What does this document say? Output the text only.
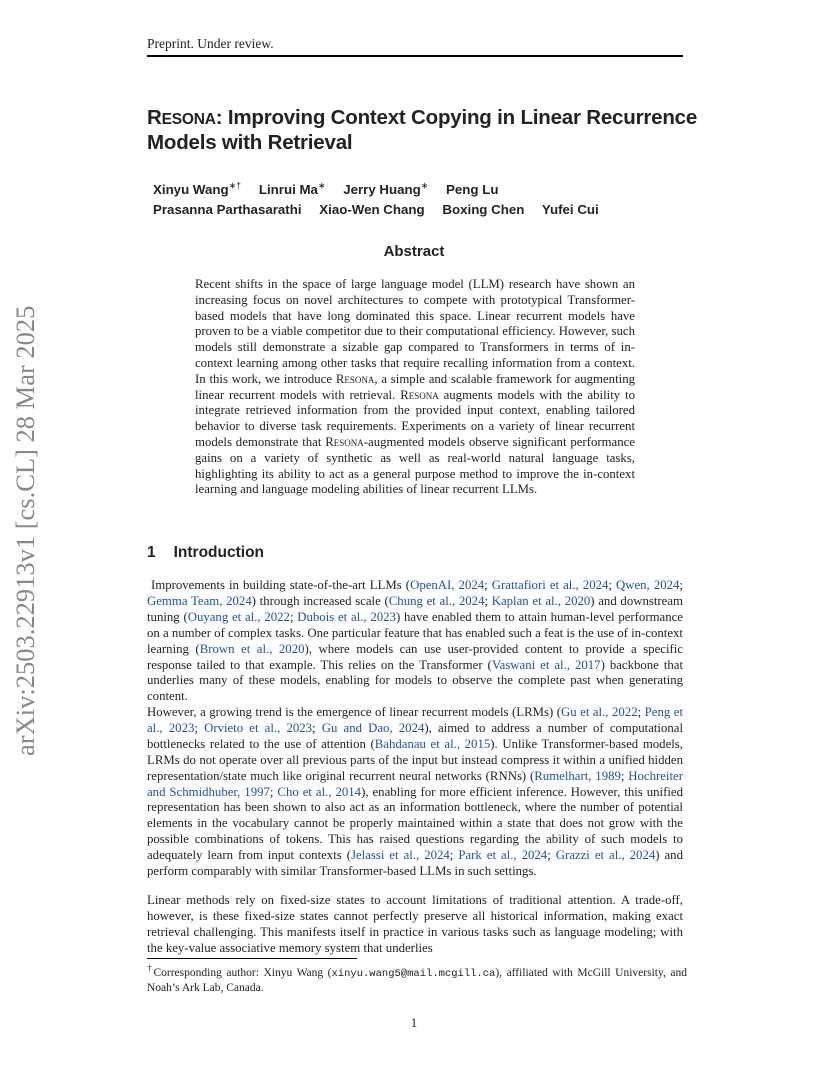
Preprint. Under review.
RESONA: Improving Context Copying in Linear Recurrence
Models with Retrieval
Xinyu Wang∗† Linrui Ma∗ Jerry Huang∗ Peng Lu
Prasanna Parthasarathi Xiao-Wen Chang Boxing Chen Yufei Cui
Abstract
Recent shifts in the space of large language model (LLM) research have shown an increasing focus on novel architectures to compete with prototypical Transformer-based models that have long dominated this space. Linear recurrent models have proven to be a viable competitor due to their computational efficiency. However, such models still demonstrate a sizable gap compared to Transformers in terms of in-context learning among other tasks that require recalling information from a context. In this work, we introduce Resona, a simple and scalable framework for augmenting linear recurrent models with retrieval. Resona augments models with the ability to integrate retrieved information from the provided input context, enabling tailored behavior to diverse task requirements. Experiments on a variety of linear recurrent models demonstrate that Resona-augmented models observe significant performance gains on a variety of synthetic as well as real-world natural language tasks, highlighting its ability to act as a general purpose method to improve the in-context learning and language modeling abilities of linear recurrent LLMs.
arXiv:2503.22913v1 [cs.CL] 28 Mar 2025	1 Introduction
Improvements in building state-of-the-art LLMs (OpenAI, 2024; Grattafiori et al., 2024; Qwen, 2024; Gemma Team, 2024) through increased scale (Chung et al., 2024; Kaplan et al., 2020) and downstream tuning (Ouyang et al., 2022; Dubois et al., 2023) have enabled them to attain human-level performance on a number of complex tasks. One particular feature that has enabled such a feat is the use of in-context learning (Brown et al., 2020), where models can use user-provided content to provide a specific response tailed to that example. This relies on the Transformer (Vaswani et al., 2017) backbone that underlies many of these models, enabling for models to observe the complete past when generating content.
However, a growing trend is the emergence of linear recurrent models (LRMs) (Gu et al., 2022; Peng et al., 2023; Orvieto et al., 2023; Gu and Dao, 2024), aimed to address a number of computational bottlenecks related to the use of attention (Bahdanau et al., 2015). Unlike Transformer-based models, LRMs do not operate over all previous parts of the input but instead compress it within a unified hidden representation/state much like original recurrent neural networks (RNNs) (Rumelhart, 1989; Hochreiter and Schmidhuber, 1997; Cho et al., 2014), enabling for more efficient inference. However, this unified representation has been shown to also act as an information bottleneck, where the number of potential elements in the vocabulary cannot be properly maintained within a state that does not grow with the possible combinations of tokens. This has raised questions regarding the ability of such models to adequately learn from input contexts (Jelassi et al., 2024; Park et al., 2024; Grazzi et al., 2024) and perform comparably with similar Transformer-based LLMs in such settings.
Linear methods rely on fixed-size states to account limitations of traditional attention. A trade-off, however, is these fixed-size states cannot perfectly preserve all historical information, making exact retrieval challenging. This manifests itself in practice in various tasks such as language modeling; with the key-value associative memory system that underlies
†Corresponding author: Xinyu Wang (xinyu.wang5@mail.mcgill.ca), affiliated with McGill University, and Noah’s Ark Lab, Canada.
1
